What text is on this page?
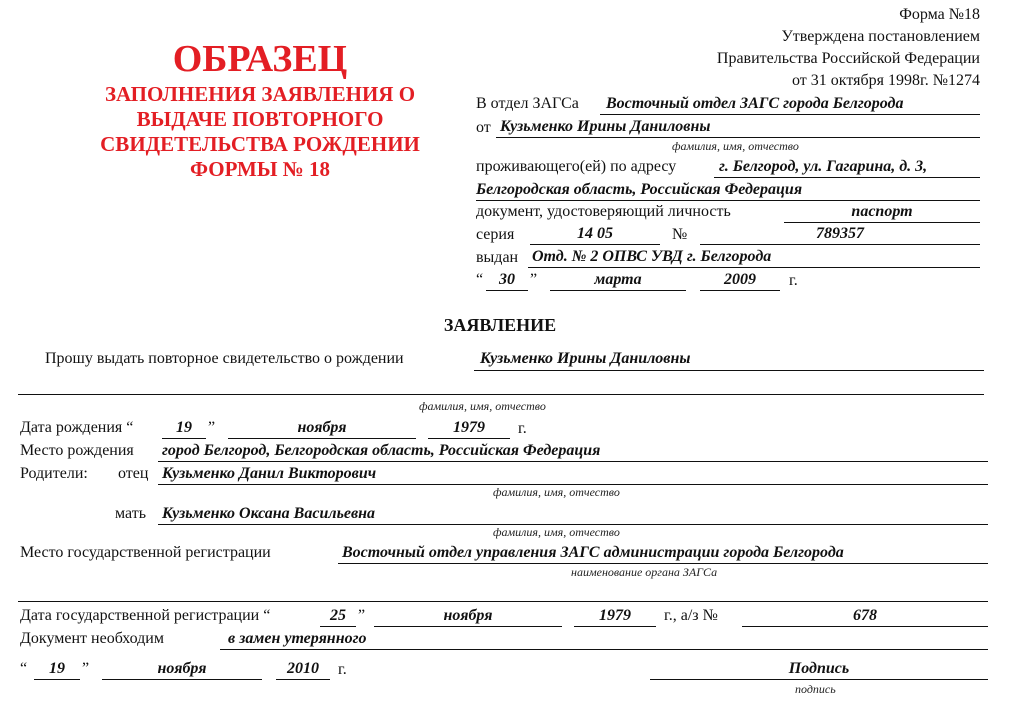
ОБРАЗЕЦ
ЗАПОЛНЕНИЯ ЗАЯВЛЕНИЯ О
ВЫДАЧЕ ПОВТОРНОГО
СВИДЕТЕЛЬСТВА РОЖДЕНИИ
ФОРМЫ № 18
Форма №18
Утверждена постановлением
Правительства Российской Федерации
от 31 октября 1998г. №1274
В отдел ЗАГСа Восточный отдел ЗАГС города Белгорода
от Кузьменко Ирины Даниловны
фамилия, имя, отчество
проживающего(ей) по адресу	г. Белгород, ул. Гагарина, д. 3,
Белгородская область, Российская Федерация
документ, удостоверяющий личность	паспорт
серия	14 05	№	789357
выдан Отд. № 2 ОПВС УВД г. Белгорода
“ 30 ”	марта	2009	г.
ЗАЯВЛЕНИЕ
Прошу выдать повторное свидетельство о рождении	Кузьменко Ирины Даниловны
фамилия, имя, отчество
Дата рождения “	19	”	ноября	1979	г.
Место рождения город Белгород, Белгородская область, Российская Федерация
Родители: отец Кузьменко Данил Викторович
фамилия, имя, отчество
мать Кузьменко Оксана Васильевна
фамилия, имя, отчество
Место государственной регистрации	Восточный отдел управления ЗАГС администрации города Белгорода
наименование органа ЗАГСа
Дата государственной регистрации “	25 ”	ноября	1979	г., а/з №	678
Документ необходим	в замен утерянного
“	19	”	ноября	2010	г.	Подпись
подпись
